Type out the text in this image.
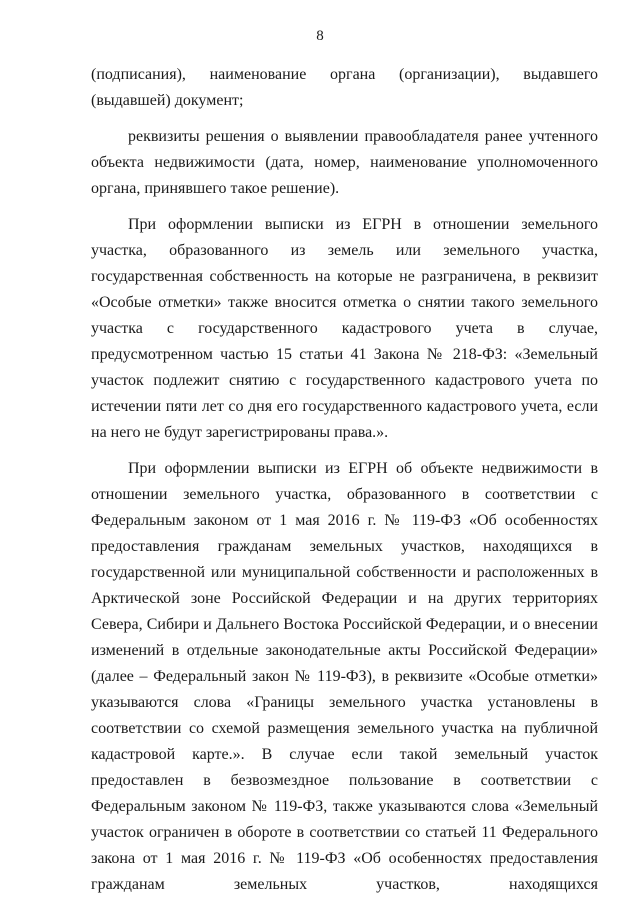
8

(подписания), наименование органа (организации), выдавшего (выдавшей) документ;

реквизиты решения о выявлении правообладателя ранее учтенного объекта недвижимости (дата, номер, наименование уполномоченного органа, принявшего такое решение).

При оформлении выписки из ЕГРН в отношении земельного участка, образованного из земель или земельного участка, государственная собственность на которые не разграничена, в реквизит «Особые отметки» также вносится отметка о снятии такого земельного участка с государственного кадастрового учета в случае, предусмотренном частью 15 статьи 41 Закона № 218-ФЗ: «Земельный участок подлежит снятию с государственного кадастрового учета по истечении пяти лет со дня его государственного кадастрового учета, если на него не будут зарегистрированы права.».

При оформлении выписки из ЕГРН об объекте недвижимости в отношении земельного участка, образованного в соответствии с Федеральным законом от 1 мая 2016 г. № 119-ФЗ «Об особенностях предоставления гражданам земельных участков, находящихся в государственной или муниципальной собственности и расположенных в Арктической зоне Российской Федерации и на других территориях Севера, Сибири и Дальнего Востока Российской Федерации, и о внесении изменений в отдельные законодательные акты Российской Федерации» (далее – Федеральный закон № 119-ФЗ), в реквизите «Особые отметки» указываются слова «Границы земельного участка установлены в соответствии со схемой размещения земельного участка на публичной кадастровой карте.». В случае если такой земельный участок предоставлен в безвозмездное пользование в соответствии с Федеральным законом № 119-ФЗ, также указываются слова «Земельный участок ограничен в обороте в соответствии со статьей 11 Федерального закона от 1 мая 2016 г. № 119-ФЗ «Об особенностях предоставления гражданам земельных участков, находящихся
